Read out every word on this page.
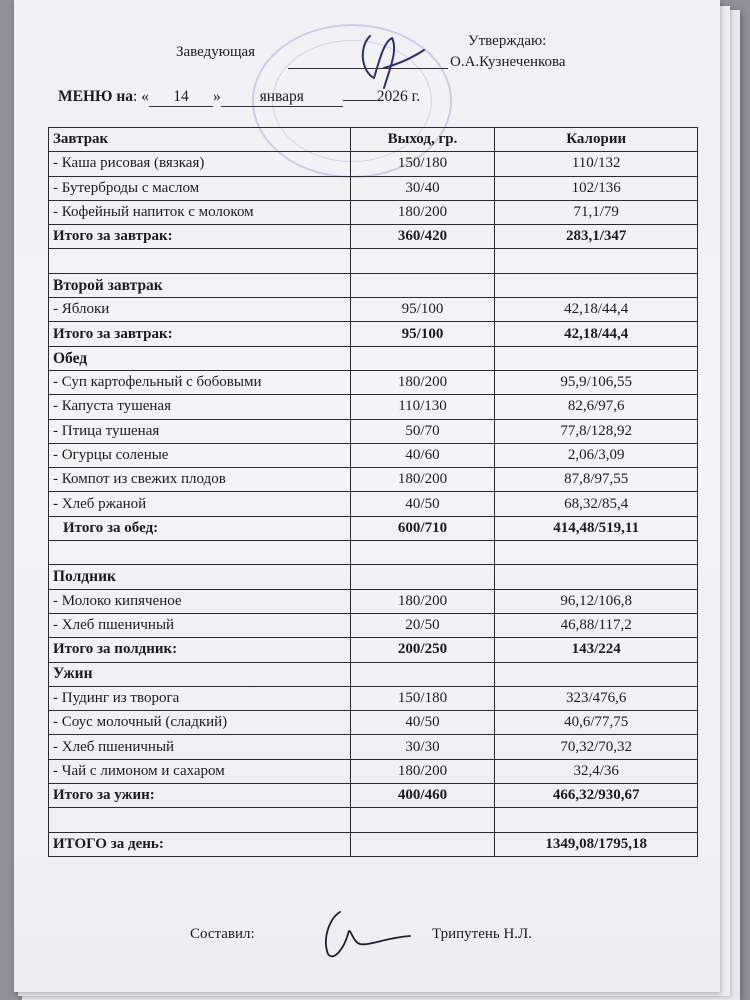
Заведующая
Утверждаю:
О.А.Кузнеченкова
МЕНЮ на: « 14 »	января	2026 г.
Завтрак	Выход, гр.	Калории
- Каша рисовая (вязкая)	150/180	110/132
- Бутерброды с маслом	30/40	102/136
- Кофейный напиток с молоком	180/200	71,1/79
Итого за завтрак:	360/420	283,1/347

Второй завтрак		
- Яблоки	95/100	42,18/44,4
Итого за завтрак:	95/100	42,18/44,4
Обед		
- Суп картофельный с бобовыми	180/200	95,9/106,55
- Капуста тушеная	110/130	82,6/97,6
- Птица тушеная	50/70	77,8/128,92
- Огурцы соленые	40/60	2,06/3,09
- Компот из свежих плодов	180/200	87,8/97,55
- Хлеб ржаной	40/50	68,32/85,4
Итого за обед:	600/710	414,48/519,11

Полдник		
- Молоко кипяченое	180/200	96,12/106,8
- Хлеб пшеничный	20/50	46,88/117,2
Итого за полдник:	200/250	143/224
Ужин		
- Пудинг из творога	150/180	323/476,6
- Соус молочный (сладкий)	40/50	40,6/77,75
- Хлеб пшеничный	30/30	70,32/70,32
- Чай с лимоном и сахаром	180/200	32,4/36
Итого за ужин:	400/460	466,32/930,67

ИТОГО за день:		1349,08/1795,18
Составил:	Трипутень Н.Л.
